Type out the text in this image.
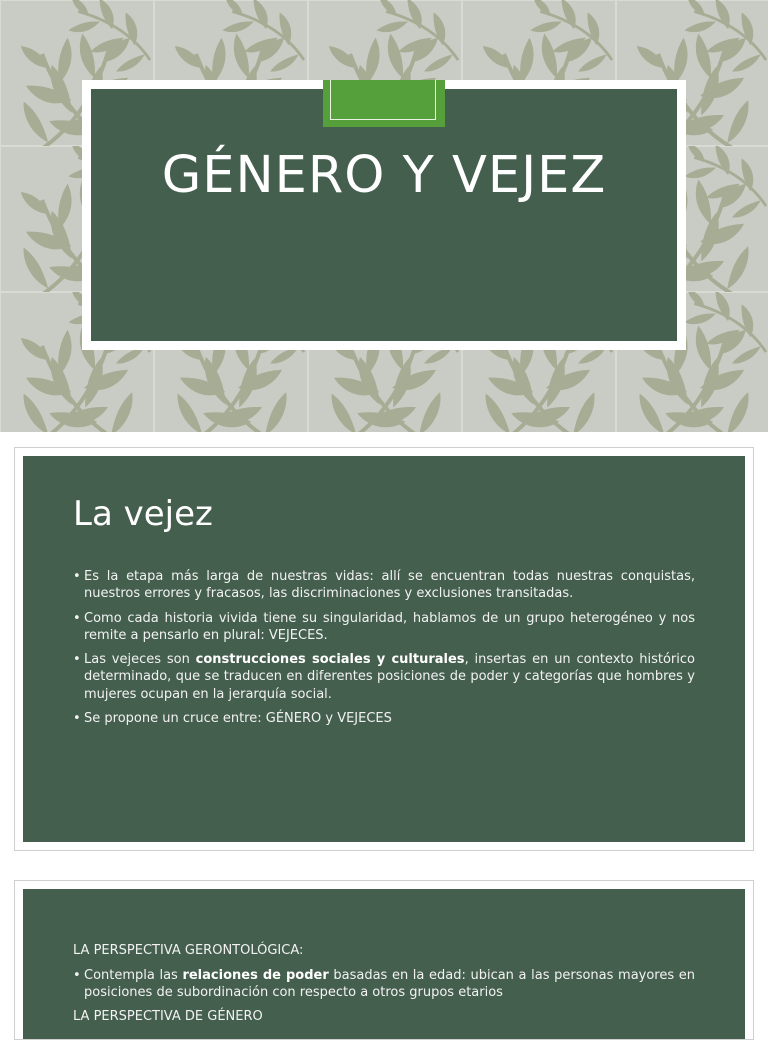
GÉNERO Y VEJEZ
La vejez
• Es la etapa más larga de nuestras vidas: allí se encuentran todas nuestras conquistas, nuestros errores y fracasos, las discriminaciones y exclusiones transitadas.
• Como cada historia vivida tiene su singularidad, hablamos de un grupo heterogéneo y nos remite a pensarlo en plural: VEJECES.
• Las vejeces son construcciones sociales y culturales, insertas en un contexto histórico determinado, que se traducen en diferentes posiciones de poder y categorías que hombres y mujeres ocupan en la jerarquía social.
• Se propone un cruce entre: GÉNERO y VEJECES
LA PERSPECTIVA GERONTOLÓGICA:
• Contempla las relaciones de poder basadas en la edad: ubican a las personas mayores en posiciones de subordinación con respecto a otros grupos etarios
LA PERSPECTIVA DE GÉNERO
